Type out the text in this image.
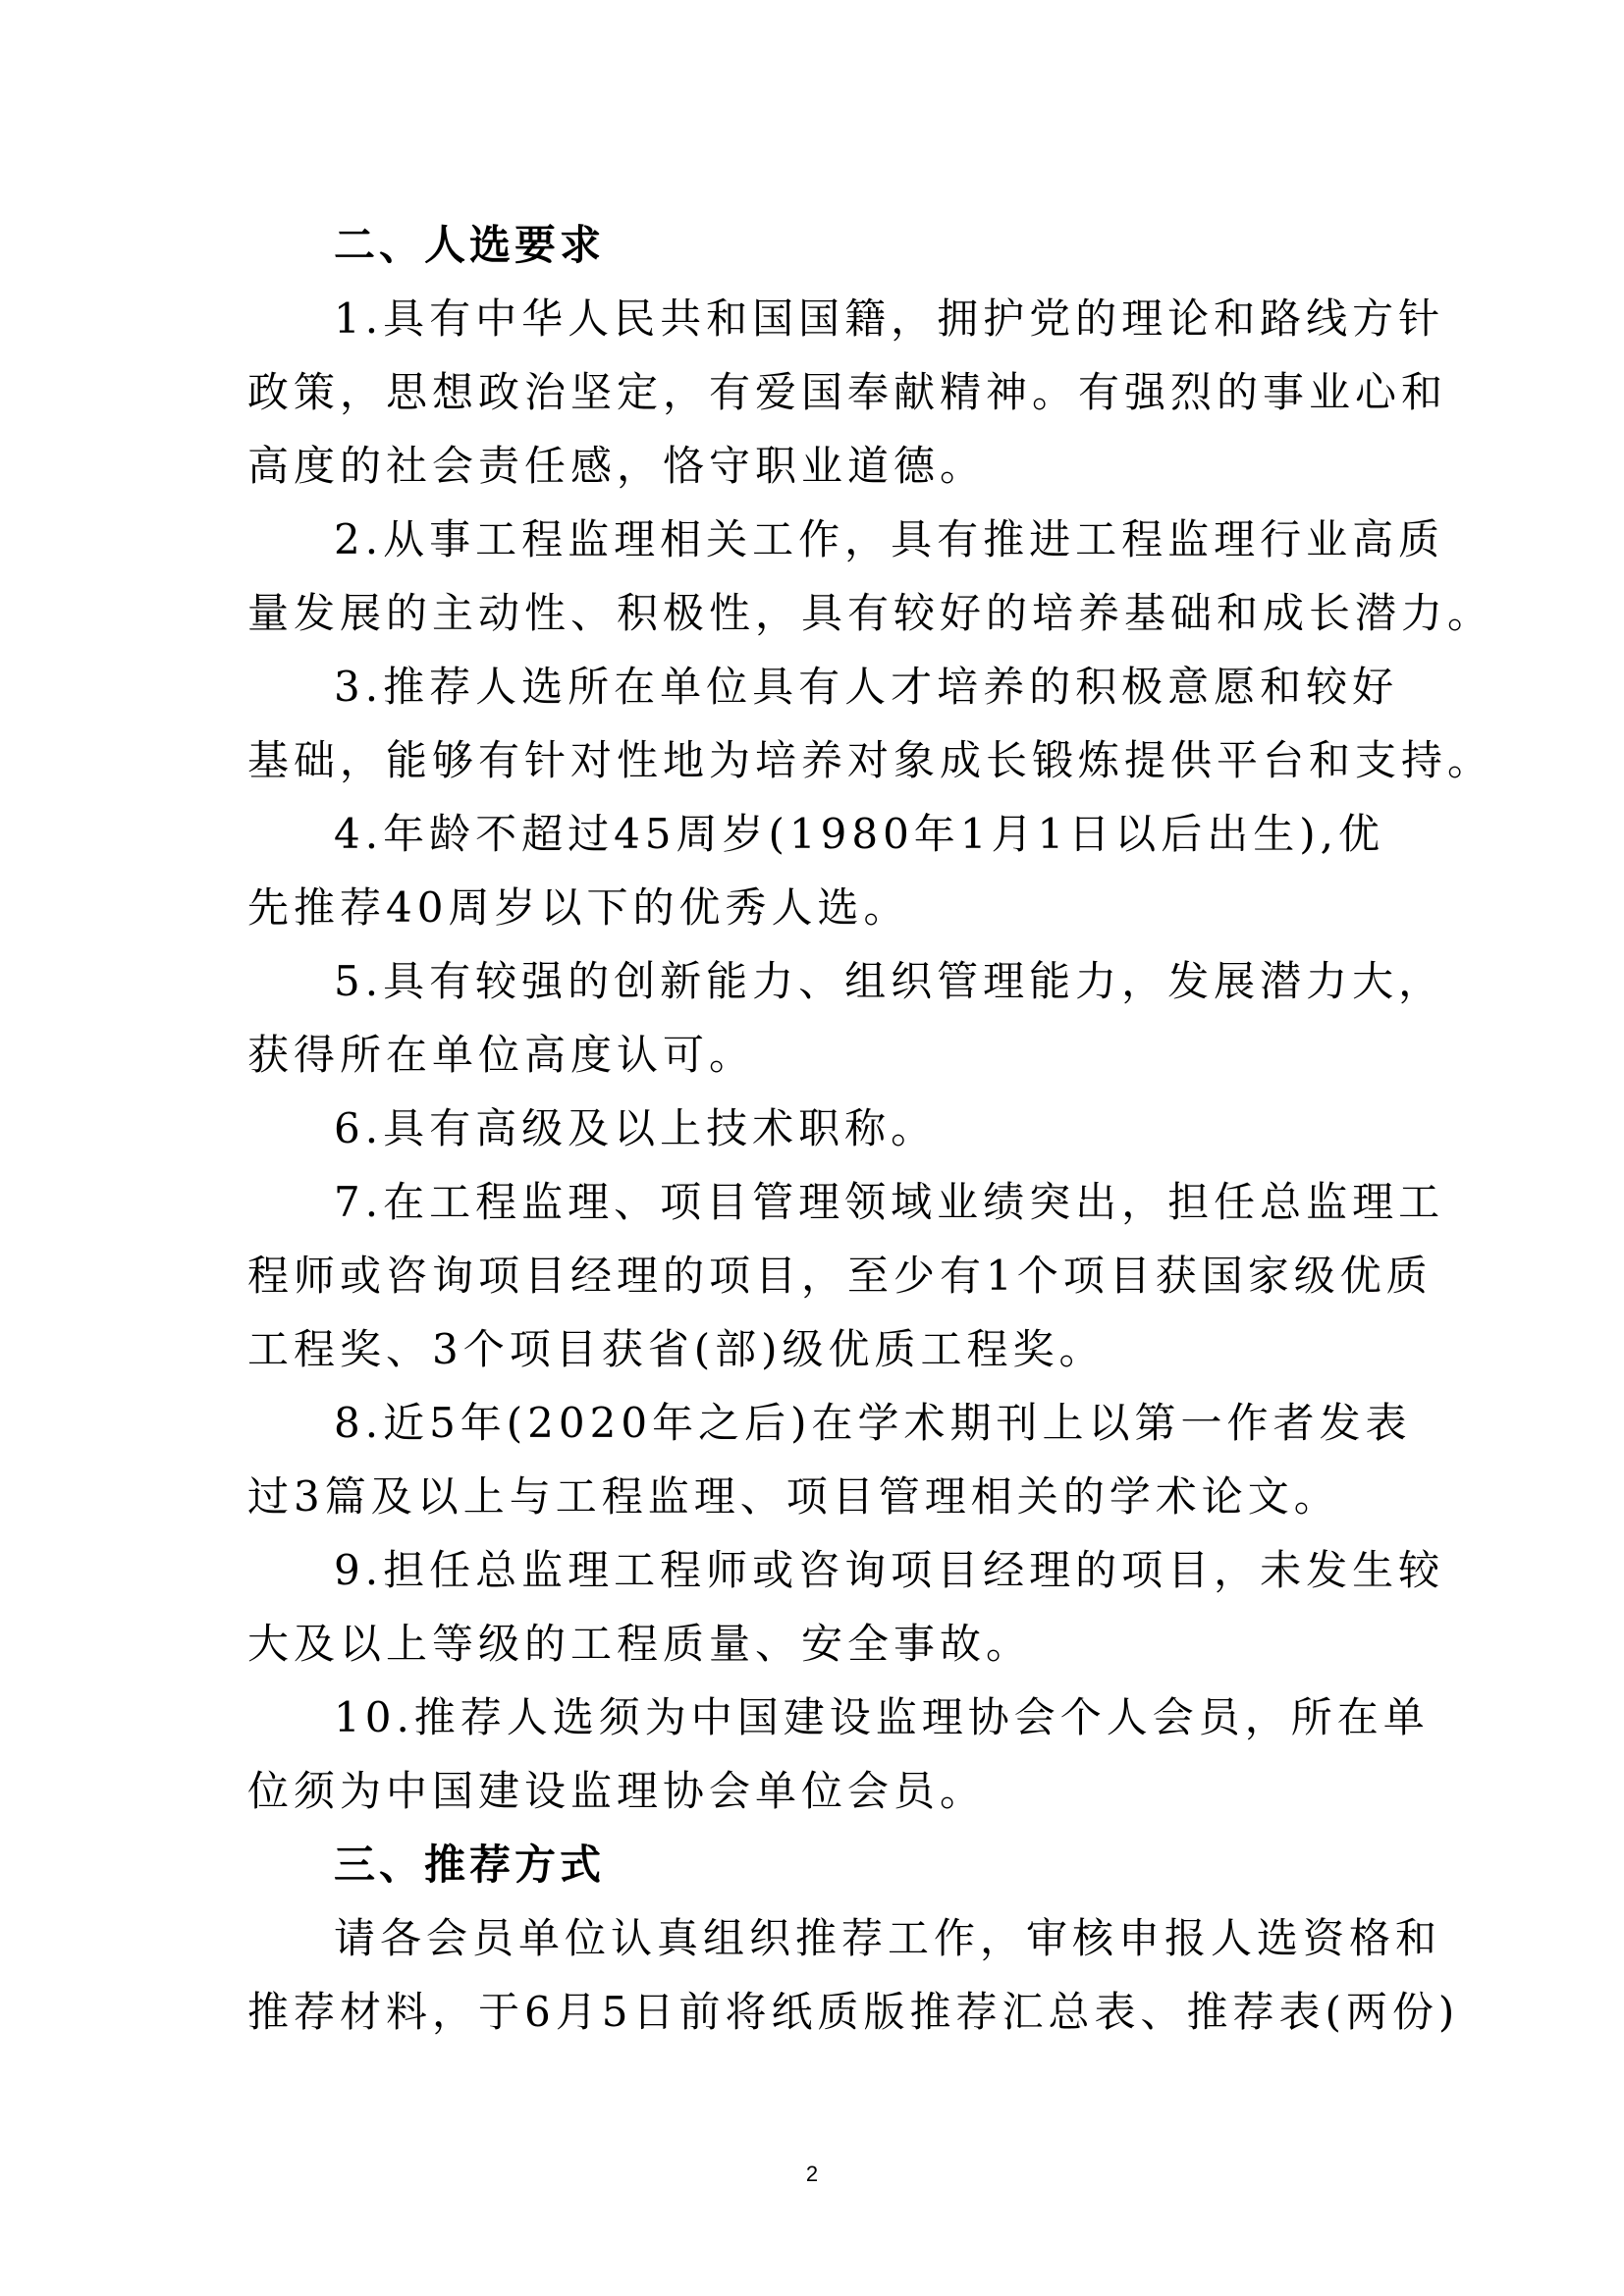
二、人选要求
1.具有中华人民共和国国籍，拥护党的理论和路线方针
政策，思想政治坚定，有爱国奉献精神。有强烈的事业心和
高度的社会责任感，恪守职业道德。
2.从事工程监理相关工作，具有推进工程监理行业高质
量发展的主动性、积极性，具有较好的培养基础和成长潜力。
3.推荐人选所在单位具有人才培养的积极意愿和较好
基础，能够有针对性地为培养对象成长锻炼提供平台和支持。
4.年龄不超过45周岁(1980年1月1日以后出生),优
先推荐40周岁以下的优秀人选。
5.具有较强的创新能力、组织管理能力，发展潜力大，
获得所在单位高度认可。
6.具有高级及以上技术职称。
7.在工程监理、项目管理领域业绩突出，担任总监理工
程师或咨询项目经理的项目，至少有1个项目获国家级优质
工程奖、3个项目获省(部)级优质工程奖。
8.近5年(2020年之后)在学术期刊上以第一作者发表
过3篇及以上与工程监理、项目管理相关的学术论文。
9.担任总监理工程师或咨询项目经理的项目，未发生较
大及以上等级的工程质量、安全事故。
10.推荐人选须为中国建设监理协会个人会员，所在单
位须为中国建设监理协会单位会员。
三、推荐方式
请各会员单位认真组织推荐工作，审核申报人选资格和
推荐材料，于6月5日前将纸质版推荐汇总表、推荐表(两份)
2
